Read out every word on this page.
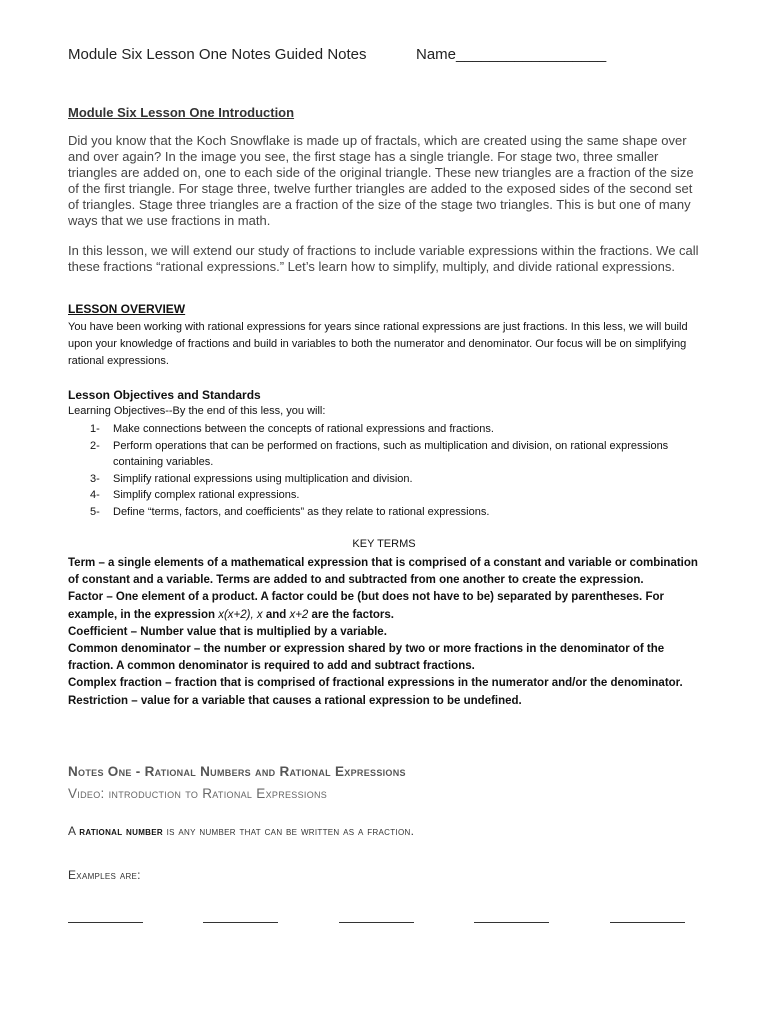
Module Six Lesson One Notes Guided Notes	Name__________________
Module Six Lesson One Introduction
Did you know that the Koch Snowflake is made up of fractals, which are created using the same shape over and over again? In the image you see, the first stage has a single triangle. For stage two, three smaller triangles are added on, one to each side of the original triangle. These new triangles are a fraction of the size of the first triangle. For stage three, twelve further triangles are added to the exposed sides of the second set of triangles. Stage three triangles are a fraction of the size of the stage two triangles. This is but one of many ways that we use fractions in math.
In this lesson, we will extend our study of fractions to include variable expressions within the fractions. We call these fractions “rational expressions.” Let’s learn how to simplify, multiply, and divide rational expressions.
LESSON OVERVIEW
You have been working with rational expressions for years since rational expressions are just fractions. In this less, we will build upon your knowledge of fractions and build in variables to both the numerator and denominator. Our focus will be on simplifying rational expressions.
Lesson Objectives and Standards
Learning Objectives--By the end of this less, you will:
1- Make connections between the concepts of rational expressions and fractions.
2- Perform operations that can be performed on fractions, such as multiplication and division, on rational expressions containing variables.
3- Simplify rational expressions using multiplication and division.
4- Simplify complex rational expressions.
5- Define “terms, factors, and coefficients” as they relate to rational expressions.
KEY TERMS

Term – a single elements of a mathematical expression that is comprised of a constant and variable or combination of constant and a variable. Terms are added to and subtracted from one another to create the expression.

Factor – One element of a product. A factor could be (but does not have to be) separated by parentheses. For example, in the expression x(x+2), x and x+2 are the factors.

Coefficient – Number value that is multiplied by a variable.

Common denominator – the number or expression shared by two or more fractions in the denominator of the fraction. A common denominator is required to add and subtract fractions.

Complex fraction – fraction that is comprised of fractional expressions in the numerator and/or the denominator.

Restriction – value for a variable that causes a rational expression to be undefined.

Notes One - Rational Numbers and Rational Expressions
Video: introduction to Rational Expressions
A rational number is any number that can be written as a fraction.
Examples are:
